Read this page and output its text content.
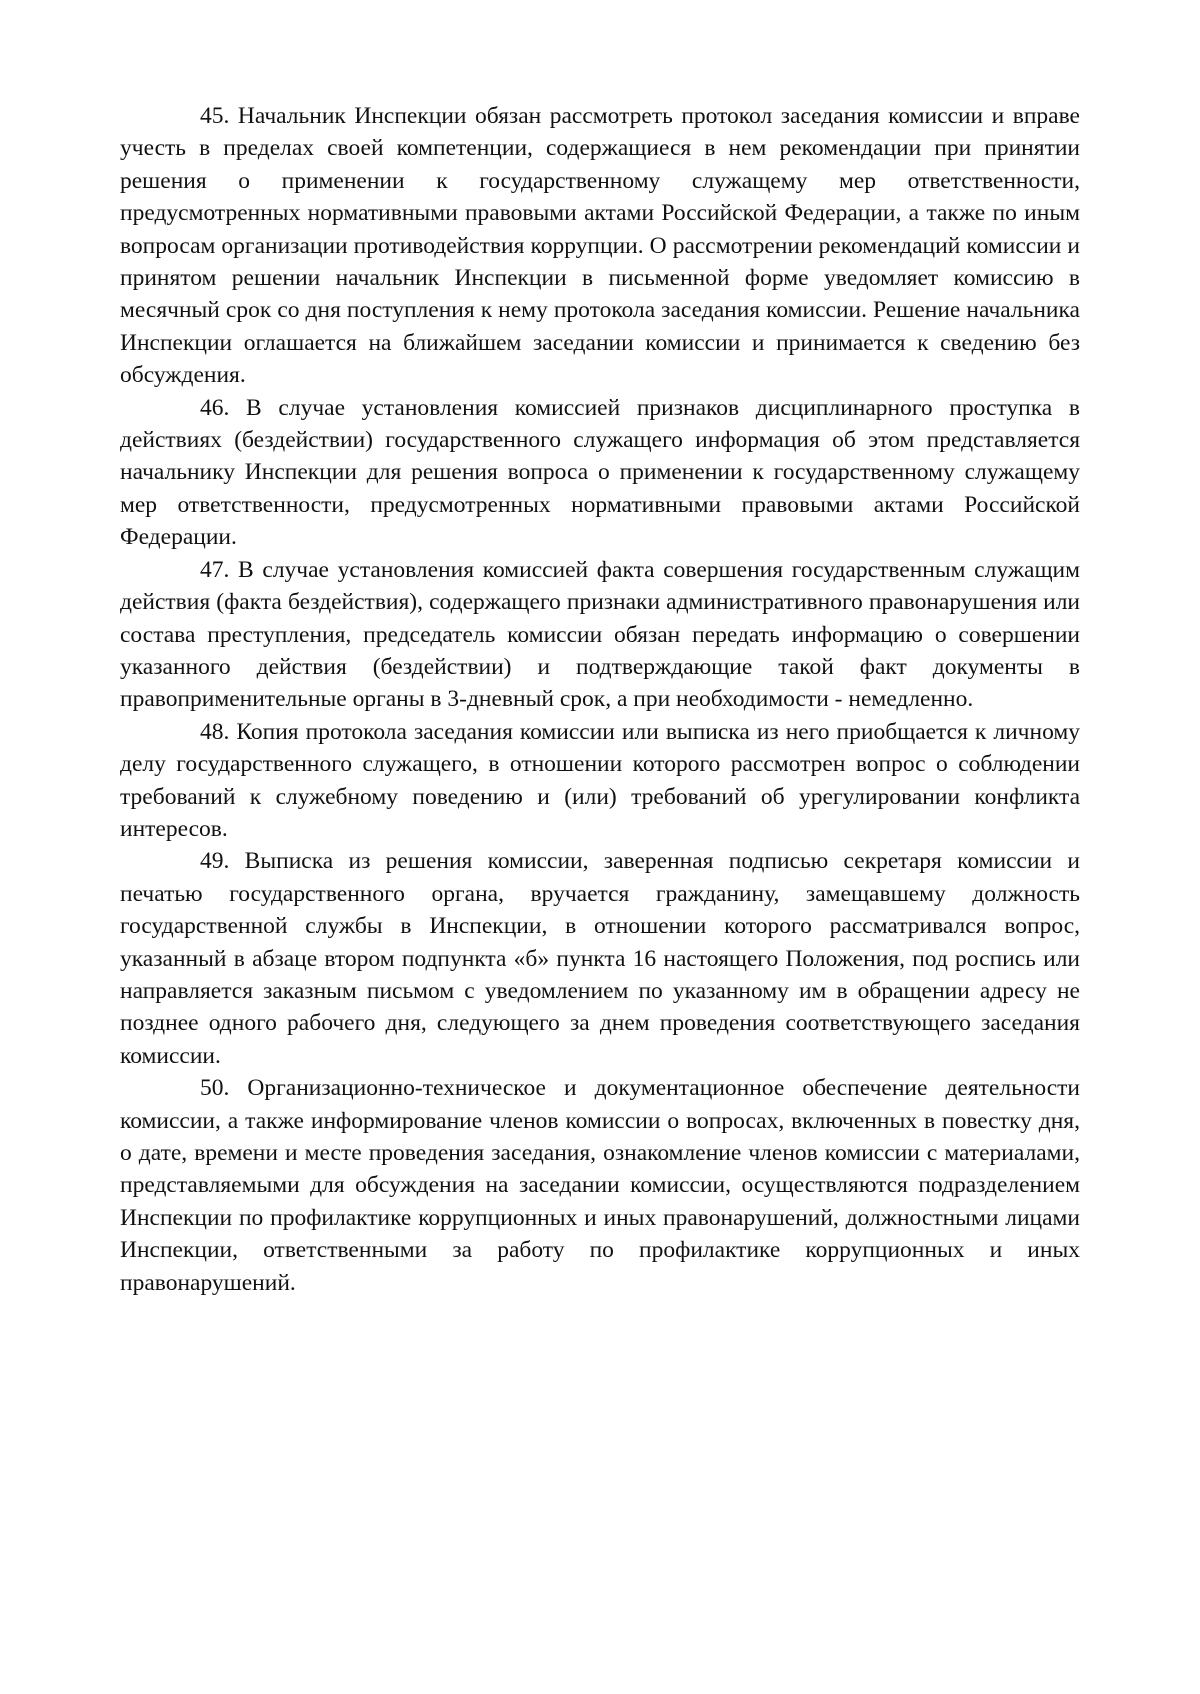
45. Начальник Инспекции обязан рассмотреть протокол заседания комиссии и вправе учесть в пределах своей компетенции, содержащиеся в нем рекомендации при принятии решения о применении к государственному служащему мер ответственности, предусмотренных нормативными правовыми актами Российской Федерации, а также по иным вопросам организации противодействия коррупции. О рассмотрении рекомендаций комиссии и принятом решении начальник Инспекции в письменной форме уведомляет комиссию в месячный срок со дня поступления к нему протокола заседания комиссии. Решение начальника Инспекции оглашается на ближайшем заседании комиссии и принимается к сведению без обсуждения.

46. В случае установления комиссией признаков дисциплинарного проступка в действиях (бездействии) государственного служащего информация об этом представляется начальнику Инспекции для решения вопроса о применении к государственному служащему мер ответственности, предусмотренных нормативными правовыми актами Российской Федерации.

47. В случае установления комиссией факта совершения государственным служащим действия (факта бездействия), содержащего признаки административного правонарушения или состава преступления, председатель комиссии обязан передать информацию о совершении указанного действия (бездействии) и подтверждающие такой факт документы в правоприменительные органы в 3-дневный срок, а при необходимости - немедленно.

48. Копия протокола заседания комиссии или выписка из него приобщается к личному делу государственного служащего, в отношении которого рассмотрен вопрос о соблюдении требований к служебному поведению и (или) требований об урегулировании конфликта интересов.

49. Выписка из решения комиссии, заверенная подписью секретаря комиссии и печатью государственного органа, вручается гражданину, замещавшему должность государственной службы в Инспекции, в отношении которого рассматривался вопрос, указанный в абзаце втором подпункта «б» пункта 16 настоящего Положения, под роспись или направляется заказным письмом с уведомлением по указанному им в обращении адресу не позднее одного рабочего дня, следующего за днем проведения соответствующего заседания комиссии.

50. Организационно-техническое и документационное обеспечение деятельности комиссии, а также информирование членов комиссии о вопросах, включенных в повестку дня, о дате, времени и месте проведения заседания, ознакомление членов комиссии с материалами, представляемыми для обсуждения на заседании комиссии, осуществляются подразделением Инспекции по профилактике коррупционных и иных правонарушений, должностными лицами Инспекции, ответственными за работу по профилактике коррупционных и иных правонарушений.
